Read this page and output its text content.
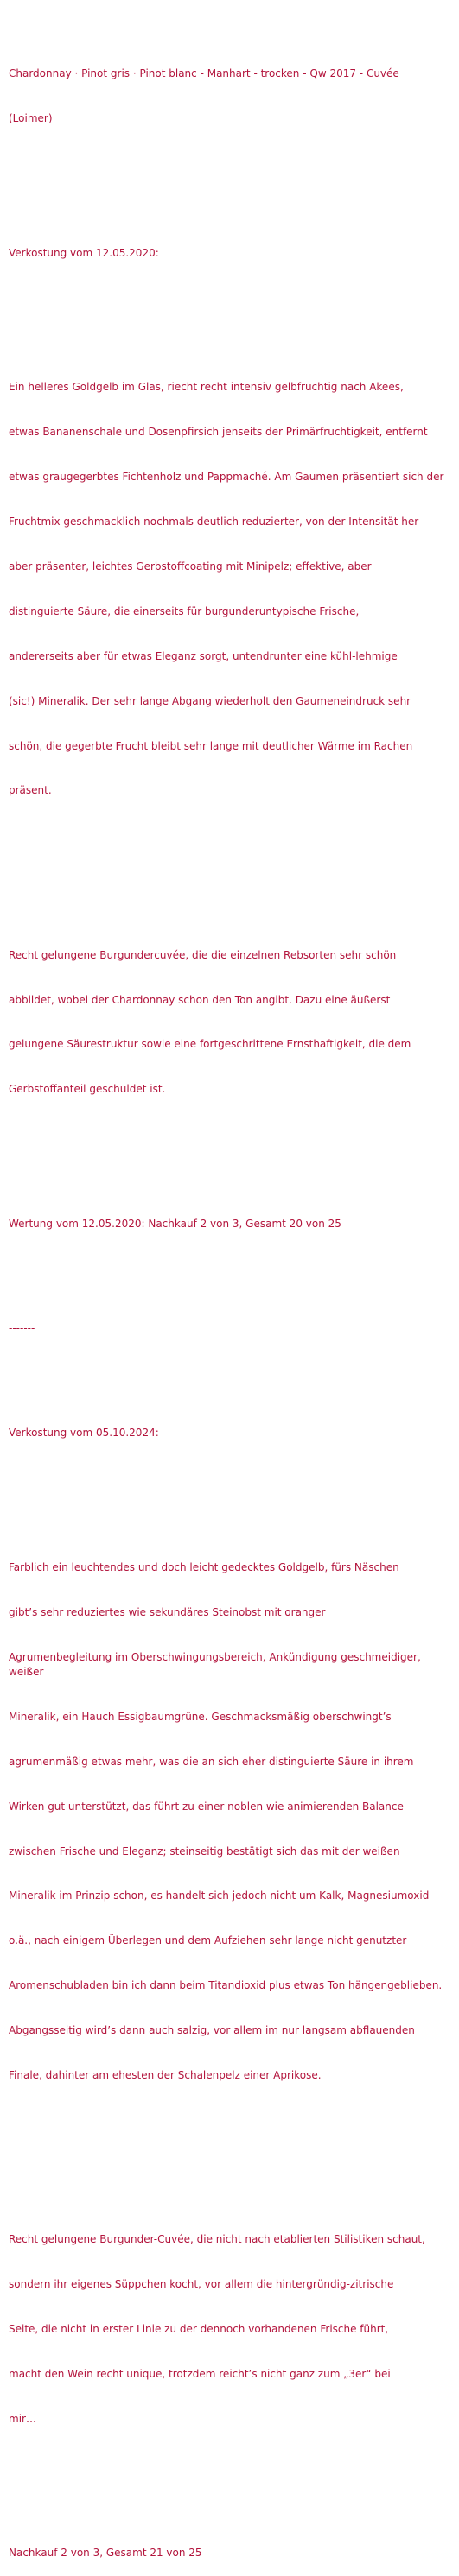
Chardonnay · Pinot gris · Pinot blanc - Manhart - trocken - Qw 2017 - Cuvée

(Loimer)

Verkostung vom 12.05.2020:

Ein helleres Goldgelb im Glas, riecht recht intensiv gelbfruchtig nach Akees,

etwas Bananenschale und Dosenpfirsich jenseits der Primärfruchtigkeit, entfernt

etwas graugegerbtes Fichtenholz und Pappmaché. Am Gaumen präsentiert sich der

Fruchtmix geschmacklich nochmals deutlich reduzierter, von der Intensität her

aber präsenter, leichtes Gerbstoffcoating mit Minipelz; effektive, aber

distinguierte Säure, die einerseits für burgunderuntypische Frische,

andererseits aber für etwas Eleganz sorgt, untendrunter eine kühl-lehmige

(sic!) Mineralik. Der sehr lange Abgang wiederholt den Gaumeneindruck sehr

schön, die gegerbte Frucht bleibt sehr lange mit deutlicher Wärme im Rachen

präsent.

Recht gelungene Burgundercuvée, die die einzelnen Rebsorten sehr schön

abbildet, wobei der Chardonnay schon den Ton angibt. Dazu eine äußerst

gelungene Säurestruktur sowie eine fortgeschrittene Ernsthaftigkeit, die dem

Gerbstoffanteil geschuldet ist.

Wertung vom 12.05.2020: Nachkauf 2 von 3, Gesamt 20 von 25

-------

Verkostung vom 05.10.2024:

Farblich ein leuchtendes und doch leicht gedecktes Goldgelb, fürs Näschen

gibt’s sehr reduziertes wie sekundäres Steinobst mit oranger

Agrumenbegleitung im Oberschwingungsbereich, Ankündigung geschmeidiger, weißer

Mineralik, ein Hauch Essigbaumgrüne. Geschmacksmäßig oberschwingt’s

agrumenmäßig etwas mehr, was die an sich eher distinguierte Säure in ihrem

Wirken gut unterstützt, das führt zu einer noblen wie animierenden Balance

zwischen Frische und Eleganz; steinseitig bestätigt sich das mit der weißen

Mineralik im Prinzip schon, es handelt sich jedoch nicht um Kalk, Magnesiumoxid

o.ä., nach einigem Überlegen und dem Aufziehen sehr lange nicht genutzter

Aromenschubladen bin ich dann beim Titandioxid plus etwas Ton hängengeblieben.

Abgangsseitig wird’s dann auch salzig, vor allem im nur langsam abflauenden

Finale, dahinter am ehesten der Schalenpelz einer Aprikose.

Recht gelungene Burgunder-Cuvée, die nicht nach etablierten Stilistiken schaut,

sondern ihr eigenes Süppchen kocht, vor allem die hintergründig-zitrische

Seite, die nicht in erster Linie zu der dennoch vorhandenen Frische führt,

macht den Wein recht unique, trotzdem reicht’s nicht ganz zum „3er“ bei

mir…

Nachkauf 2 von 3, Gesamt 21 von 25
